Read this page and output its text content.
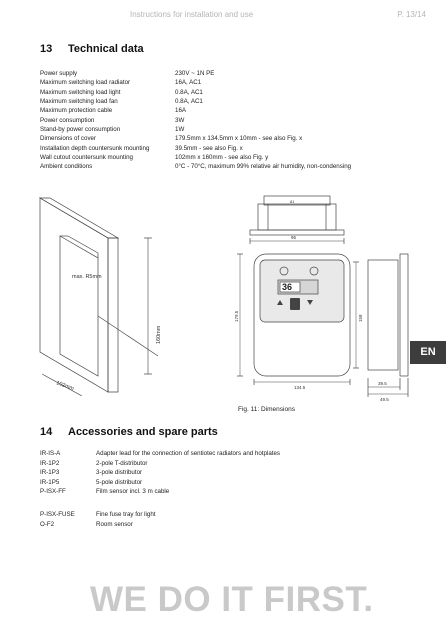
Instructions for installation and use	P. 13/14
13 Technical data
Power supply	230V ~ 1N PE
Maximum switching load radiator	16A, AC1
Maximum switching load light	0.8A, AC1
Maximum switching load fan	0.8A, AC1
Maximum protection cable	16A
Power consumption	3W
Stand-by power consumption	1W
Dimensions of cover	179.5mm x 134.5mm x 10mm - see also Fig. x
Installation depth countersunk mounting	39.5mm - see also Fig. x
Wall cutout countersunk mounting	102mm x 160mm - see also Fig. y
Ambient conditions	0°C - 70°C, maximum 99% relative air humidity, non-condensing
max. R5mm
160mm
102mm
36
81
96
179.5	158
134.5
39.5
49.5
Fig. 11: Dimensions
EN
14 Accessories and spare parts
IR-IS-A	Adapter lead for the connection of sentiotec radiators and hotplates
IR-1P2	2-pole T-distributor
IR-1P3	3-pole distributor
IR-1P5	5-pole distributor
P-ISX-FF	Film sensor incl. 3 m cable
P-ISX-FUSE	Fine fuse tray for light
O-F2	Room sensor
WE DO IT FIRST.
